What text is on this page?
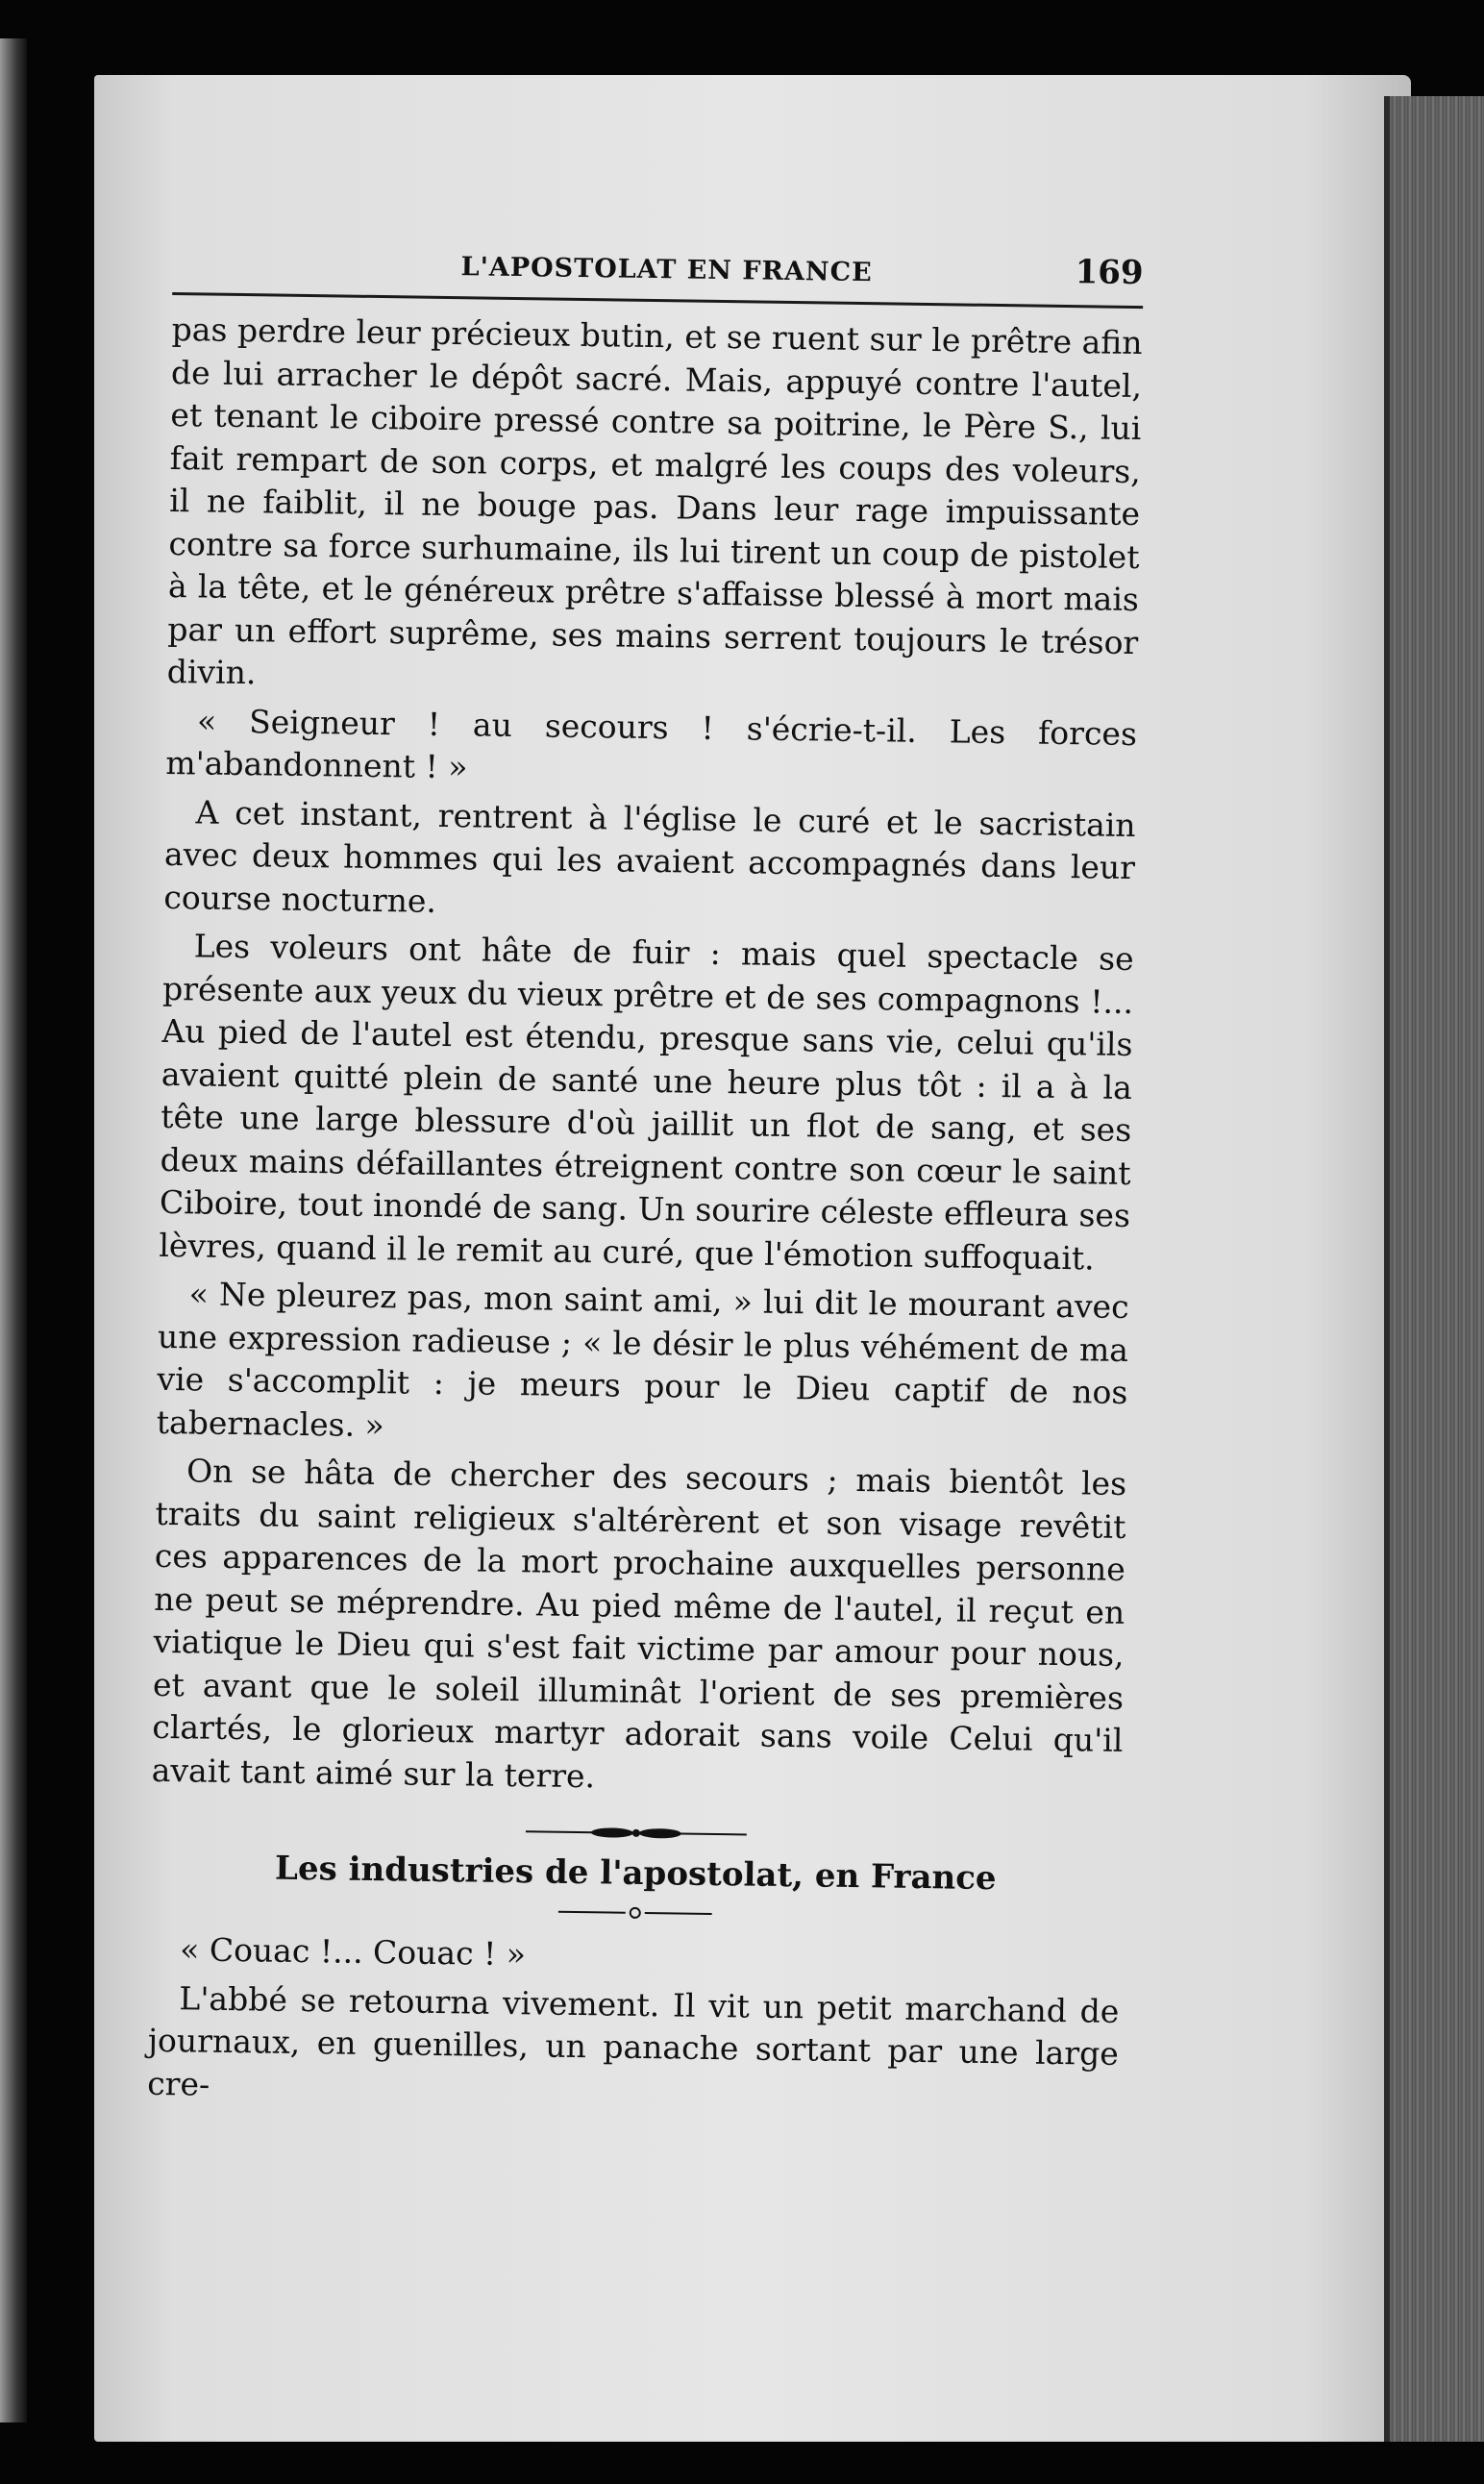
L'APOSTOLAT EN FRANCE	169

pas perdre leur précieux butin, et se ruent sur le prêtre afin de lui arracher le dépôt sacré. Mais, appuyé contre l'autel, et tenant le ciboire pressé contre sa poitrine, le Père S., lui fait rempart de son corps, et malgré les coups des voleurs, il ne faiblit, il ne bouge pas. Dans leur rage impuissante contre sa force surhumaine, ils lui tirent un coup de pistolet à la tête, et le généreux prêtre s'affaisse blessé à mort mais par un effort suprême, ses mains serrent toujours le trésor divin.

« Seigneur ! au secours ! s'écrie-t-il. Les forces m'abandonnent ! »

A cet instant, rentrent à l'église le curé et le sacristain avec deux hommes qui les avaient accompagnés dans leur course nocturne.

Les voleurs ont hâte de fuir : mais quel spectacle se présente aux yeux du vieux prêtre et de ses compagnons !... Au pied de l'autel est étendu, presque sans vie, celui qu'ils avaient quitté plein de santé une heure plus tôt : il a à la tête une large blessure d'où jaillit un flot de sang, et ses deux mains défaillantes étreignent contre son cœur le saint Ciboire, tout inondé de sang. Un sourire céleste effleura ses lèvres, quand il le remit au curé, que l'émotion suffoquait.

« Ne pleurez pas, mon saint ami, » lui dit le mourant avec une expression radieuse ; « le désir le plus véhément de ma vie s'accomplit : je meurs pour le Dieu captif de nos tabernacles. »

On se hâta de chercher des secours ; mais bientôt les traits du saint religieux s'altérèrent et son visage revêtit ces apparences de la mort prochaine auxquelles personne ne peut se méprendre. Au pied même de l'autel, il reçut en viatique le Dieu qui s'est fait victime par amour pour nous, et avant que le soleil illuminât l'orient de ses premières clartés, le glorieux martyr adorait sans voile Celui qu'il avait tant aimé sur la terre.

Les industries de l'apostolat, en France

« Couac !... Couac ! »

L'abbé se retourna vivement. Il vit un petit marchand de journaux, en guenilles, un panache sortant par une large cre-
